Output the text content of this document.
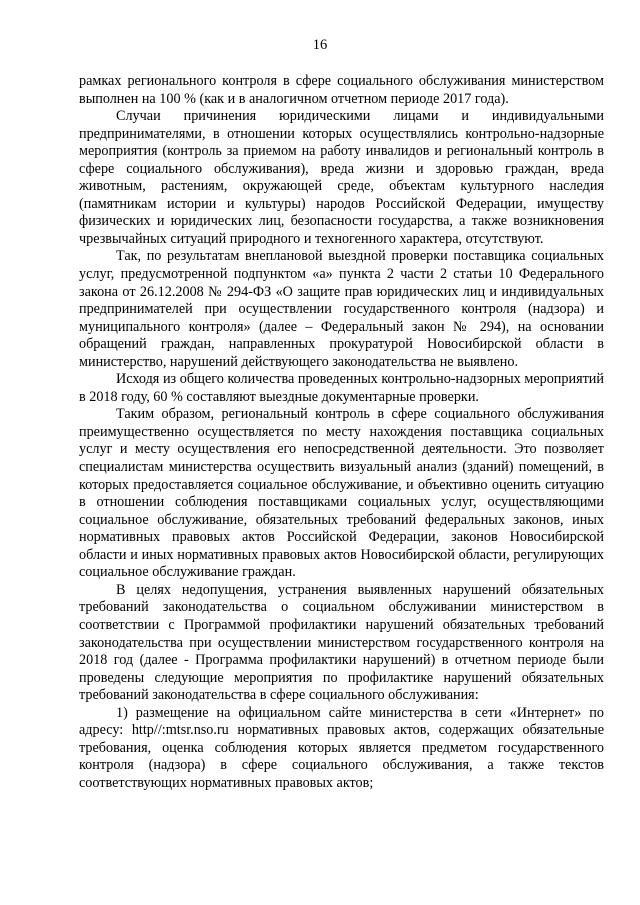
16

рамках регионального контроля в сфере социального обслуживания министерством выполнен на 100 % (как и в аналогичном отчетном периоде 2017 года).

Случаи причинения юридическими лицами и индивидуальными предпринимателями, в отношении которых осуществлялись контрольно-надзорные мероприятия (контроль за приемом на работу инвалидов и региональный контроль в сфере социального обслуживания), вреда жизни и здоровью граждан, вреда животным, растениям, окружающей среде, объектам культурного наследия (памятникам истории и культуры) народов Российской Федерации, имуществу физических и юридических лиц, безопасности государства, а также возникновения чрезвычайных ситуаций природного и техногенного характера, отсутствуют.

Так, по результатам внеплановой выездной проверки поставщика социальных услуг, предусмотренной подпунктом «а» пункта 2 части 2 статьи 10 Федерального закона от 26.12.2008 № 294-ФЗ «О защите прав юридических лиц и индивидуальных предпринимателей при осуществлении государственного контроля (надзора) и муниципального контроля» (далее – Федеральный закон № 294), на основании обращений граждан, направленных прокуратурой Новосибирской области в министерство, нарушений действующего законодательства не выявлено.

Исходя из общего количества проведенных контрольно-надзорных мероприятий в 2018 году, 60 % составляют выездные документарные проверки.

Таким образом, региональный контроль в сфере социального обслуживания преимущественно осуществляется по месту нахождения поставщика социальных услуг и месту осуществления его непосредственной деятельности. Это позволяет специалистам министерства осуществить визуальный анализ (зданий) помещений, в которых предоставляется социальное обслуживание, и объективно оценить ситуацию в отношении соблюдения поставщиками социальных услуг, осуществляющими социальное обслуживание, обязательных требований федеральных законов, иных нормативных правовых актов Российской Федерации, законов Новосибирской области и иных нормативных правовых актов Новосибирской области, регулирующих социальное обслуживание граждан.

В целях недопущения, устранения выявленных нарушений обязательных требований законодательства о социальном обслуживании министерством в соответствии с Программой профилактики нарушений обязательных требований законодательства при осуществлении министерством государственного контроля на 2018 год (далее - Программа профилактики нарушений) в отчетном периоде были проведены следующие мероприятия по профилактике нарушений обязательных требований законодательства в сфере социального обслуживания:

1) размещение на официальном сайте министерства в сети «Интернет» по адресу: http//:mtsr.nso.ru нормативных правовых актов, содержащих обязательные требования, оценка соблюдения которых является предметом государственного контроля (надзора) в сфере социального обслуживания, а также текстов соответствующих нормативных правовых актов;
